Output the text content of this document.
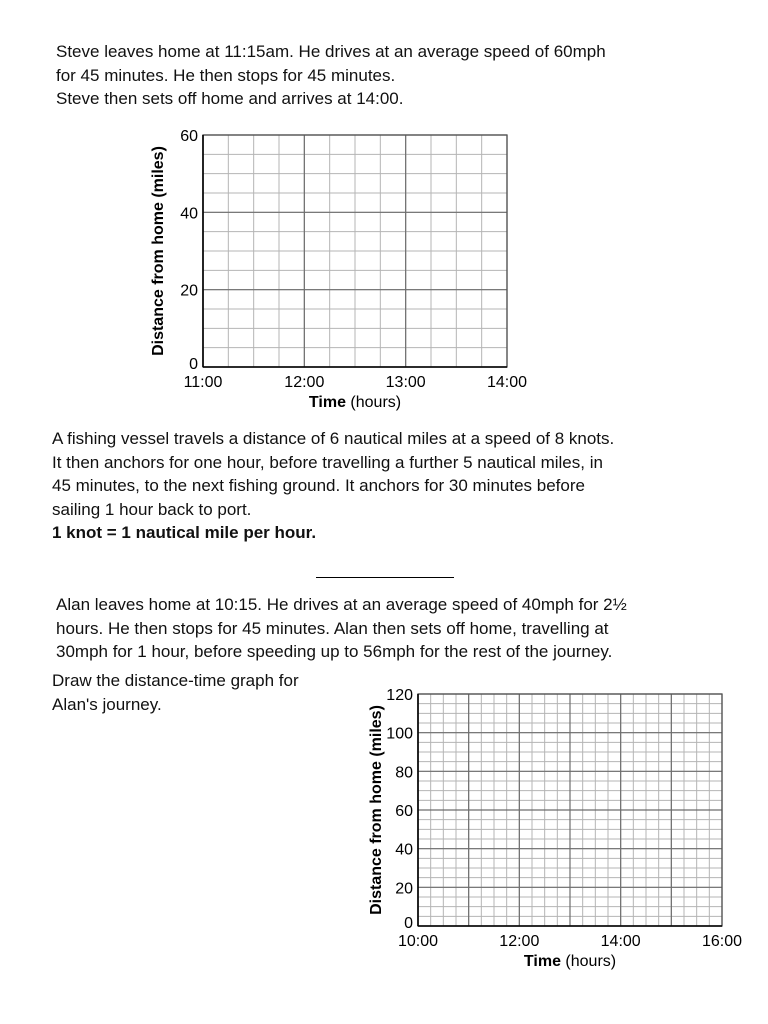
Steve leaves home at 11:15am. He drives at an average speed of 60mph
for 45 minutes. He then stops for 45 minutes.
Steve then sets off home and arrives at 14:00.
0
20
40
60
11:00	12:00	13:00	14:00
Time (hours)
Distance from home (miles)
A fishing vessel travels a distance of 6 nautical miles at a speed of 8 knots.
It then anchors for one hour, before travelling a further 5 nautical miles, in
45 minutes, to the next fishing ground. It anchors for 30 minutes before
sailing 1 hour back to port.
1 knot = 1 nautical mile per hour.
Alan leaves home at 10:15. He drives at an average speed of 40mph for 2½
hours. He then stops for 45 minutes. Alan then sets off home, travelling at
30mph for 1 hour, before speeding up to 56mph for the rest of the journey.
Draw the distance-time graph for
Alan's journey.
0
20
40
60
80
100
120
10:00	12:00	14:00	16:00
Time (hours)
Distance from home (miles)
